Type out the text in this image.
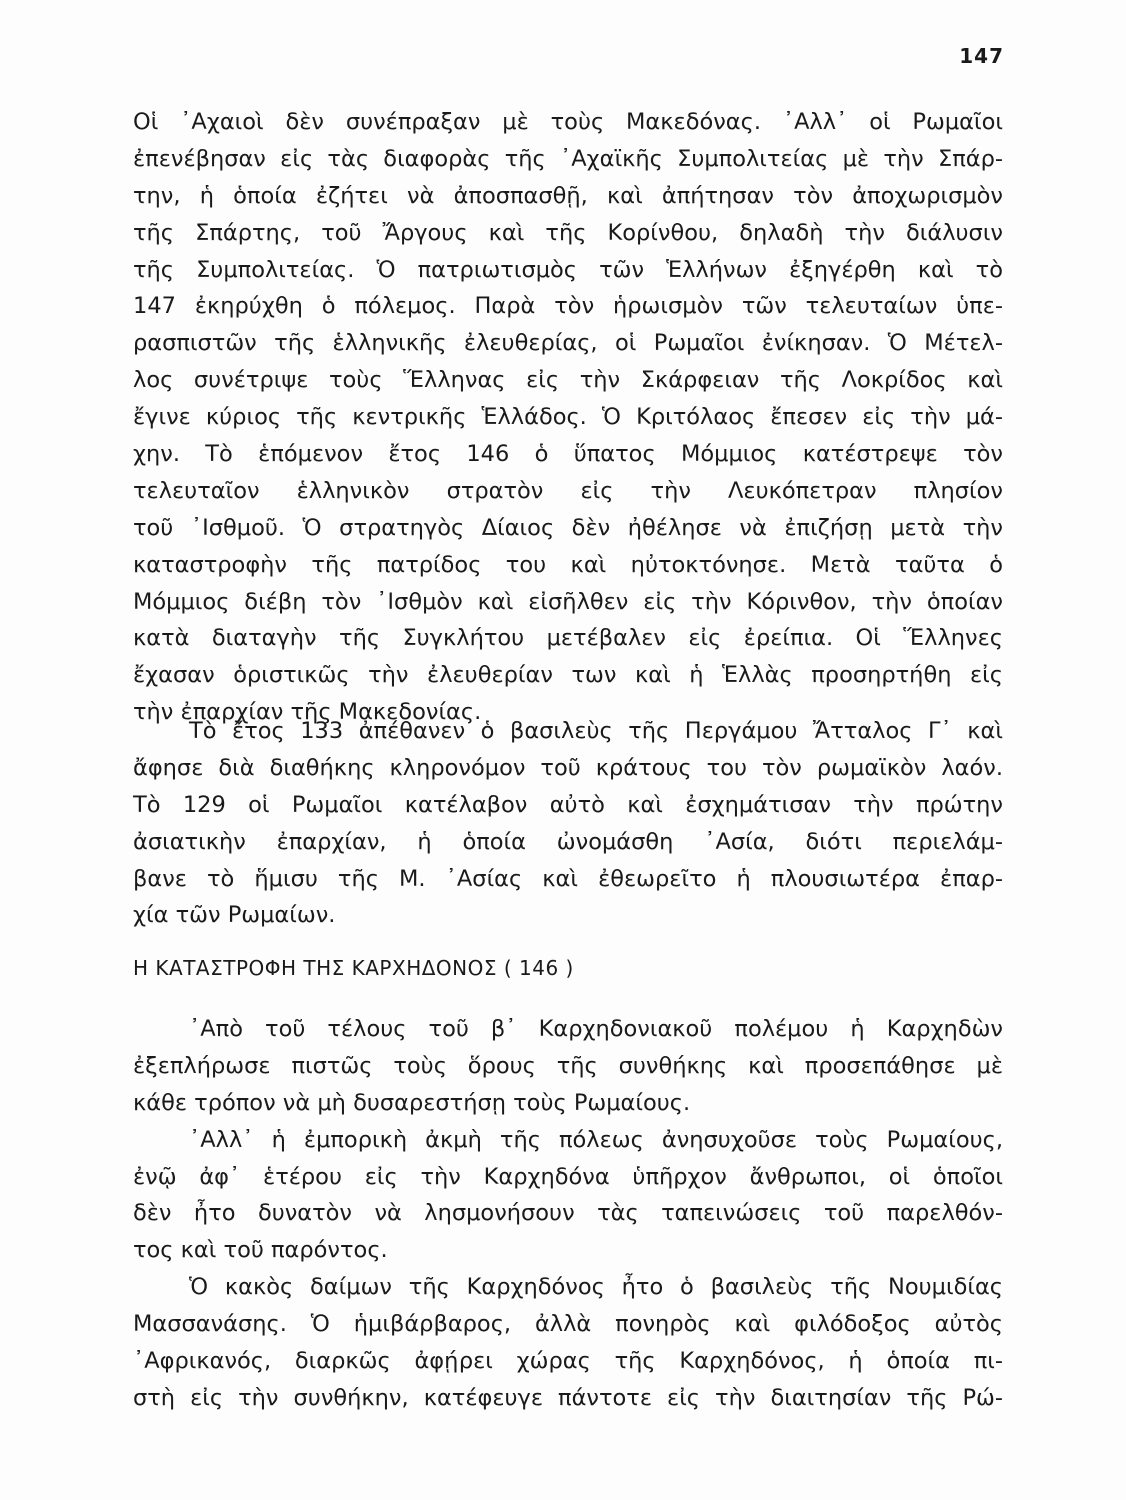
147
Οἱ ᾽Αχαιοὶ δὲν συνέπραξαν μὲ τοὺς Μακεδόνας. ᾽Αλλ᾽ οἱ Ρωμαῖοι
ἐπενέβησαν εἰς τὰς διαφορὰς τῆς ᾽Αχαϊκῆς Συμπολιτείας μὲ τὴν Σπάρ-
την, ἡ ὁποία ἐζήτει νὰ ἀποσπασθῇ, καὶ ἀπήτησαν τὸν ἀποχωρισμὸν
τῆς Σπάρτης, τοῦ Ἄργους καὶ τῆς Κορίνθου, δηλαδὴ τὴν διάλυσιν
τῆς Συμπολιτείας. Ὁ πατριωτισμὸς τῶν Ἑλλήνων ἐξηγέρθη καὶ τὸ
147 ἐκηρύχθη ὁ πόλεμος. Παρὰ τὸν ἡρωισμὸν τῶν τελευταίων ὑπε-
ρασπιστῶν τῆς ἑλληνικῆς ἐλευθερίας, οἱ Ρωμαῖοι ἐνίκησαν. Ὁ Μέτελ-
λος συνέτριψε τοὺς Ἕλληνας εἰς τὴν Σκάρφειαν τῆς Λοκρίδος καὶ
ἔγινε κύριος τῆς κεντρικῆς Ἑλλάδος. Ὁ Κριτόλαος ἔπεσεν εἰς τὴν μά-
χην. Τὸ ἑπόμενον ἔτος 146 ὁ ὕπατος Μόμμιος κατέστρεψε τὸν
τελευταῖον ἑλληνικὸν στρατὸν εἰς τὴν Λευκόπετραν πλησίον
τοῦ ᾽Ισθμοῦ. Ὁ στρατηγὸς Δίαιος δὲν ἠθέλησε νὰ ἐπιζήσῃ μετὰ τὴν
καταστροφὴν τῆς πατρίδος του καὶ ηὐτοκτόνησε. Μετὰ ταῦτα ὁ
Μόμμιος διέβη τὸν ᾽Ισθμὸν καὶ εἰσῆλθεν εἰς τὴν Κόρινθον, τὴν ὁποίαν
κατὰ διαταγὴν τῆς Συγκλήτου μετέβαλεν εἰς ἐρείπια. Οἱ Ἕλληνες
ἔχασαν ὁριστικῶς τὴν ἐλευθερίαν των καὶ ἡ Ἑλλὰς προσηρτήθη εἰς
τὴν ἐπαρχίαν τῆς Μακεδονίας.
Τὸ ἔτος 133 ἀπέθανεν ὁ βασιλεὺς τῆς Περγάμου Ἄτταλος Γ᾽ καὶ
ἄφησε διὰ διαθήκης κληρονόμον τοῦ κράτους του τὸν ρωμαϊκὸν λαόν.
Τὸ 129 οἱ Ρωμαῖοι κατέλαβον αὐτὸ καὶ ἐσχημάτισαν τὴν πρώτην
ἀσιατικὴν ἐπαρχίαν, ἡ ὁποία ὠνομάσθη ᾽Ασία, διότι περιελάμ-
βανε τὸ ἥμισυ τῆς Μ. ᾽Ασίας καὶ ἐθεωρεῖτο ἡ πλουσιωτέρα ἐπαρ-
χία τῶν Ρωμαίων.
Η ΚΑΤΑΣΤΡΟΦΗ ΤΗΣ ΚΑΡΧΗΔΟΝΟΣ ( 146 )
᾽Απὸ τοῦ τέλους τοῦ β᾽ Καρχηδονιακοῦ πολέμου ἡ Καρχηδὼν
ἐξεπλήρωσε πιστῶς τοὺς ὅρους τῆς συνθήκης καὶ προσεπάθησε μὲ
κάθε τρόπον νὰ μὴ δυσαρεστήσῃ τοὺς Ρωμαίους.
᾽Αλλ᾽ ἡ ἐμπορικὴ ἀκμὴ τῆς πόλεως ἀνησυχοῦσε τοὺς Ρωμαίους,
ἐνῷ ἀφ᾽ ἑτέρου εἰς τὴν Καρχηδόνα ὑπῆρχον ἄνθρωποι, οἱ ὁποῖοι
δὲν ἦτο δυνατὸν νὰ λησμονήσουν τὰς ταπεινώσεις τοῦ παρελθόν-
τος καὶ τοῦ παρόντος.
Ὁ κακὸς δαίμων τῆς Καρχηδόνος ἦτο ὁ βασιλεὺς τῆς Νουμιδίας
Μασσανάσης. Ὁ ἡμιβάρβαρος, ἀλλὰ πονηρὸς καὶ φιλόδοξος αὐτὸς
᾽Αφρικανός, διαρκῶς ἀφῄρει χώρας τῆς Καρχηδόνος, ἡ ὁποία πι-
στὴ εἰς τὴν συνθήκην, κατέφευγε πάντοτε εἰς τὴν διαιτησίαν τῆς Ρώ-
